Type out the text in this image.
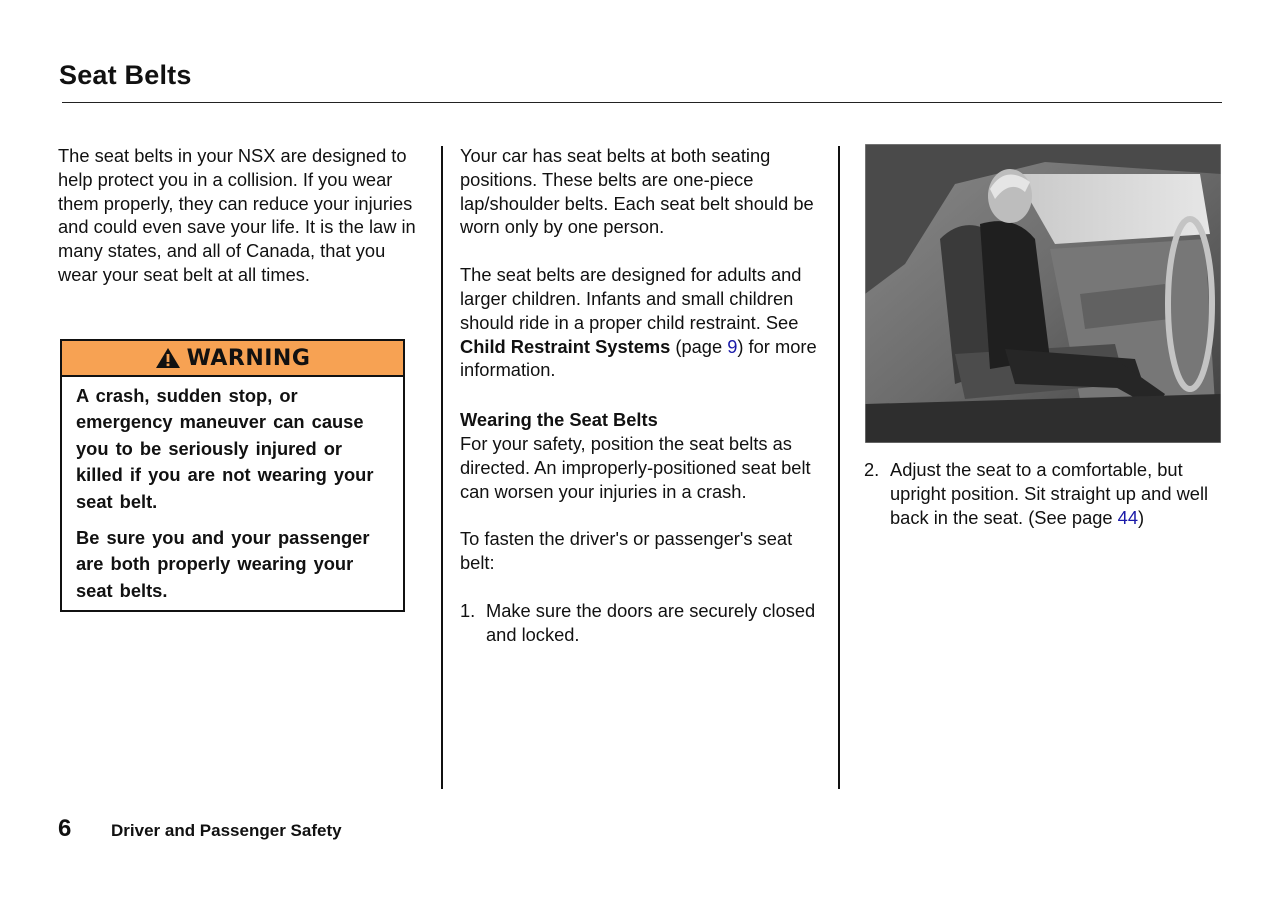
Seat Belts

The seat belts in your NSX are designed to help protect you in a collision. If you wear them properly, they can reduce your injuries and could even save your life. It is the law in many states, and all of Canada, that you wear your seat belt at all times.

WARNING

A crash, sudden stop, or emergency maneuver can cause you to be seriously injured or killed if you are not wearing your seat belt.

Be sure you and your passenger are both properly wearing your seat belts.

Your car has seat belts at both seating positions. These belts are one-piece lap/shoulder belts. Each seat belt should be worn only by one person.

The seat belts are designed for adults and larger children. Infants and small children should ride in a proper child restraint. See Child Restraint Systems (page 9) for more information.

Wearing the Seat Belts

For your safety, position the seat belts as directed. An improperly-positioned seat belt can worsen your injuries in a crash.

To fasten the driver's or passenger's seat belt:

1. Make sure the doors are securely closed and locked.
2. Adjust the seat to a comfortable, but upright position. Sit straight up and well back in the seat. (See page 44)
6 Driver and Passenger Safety
